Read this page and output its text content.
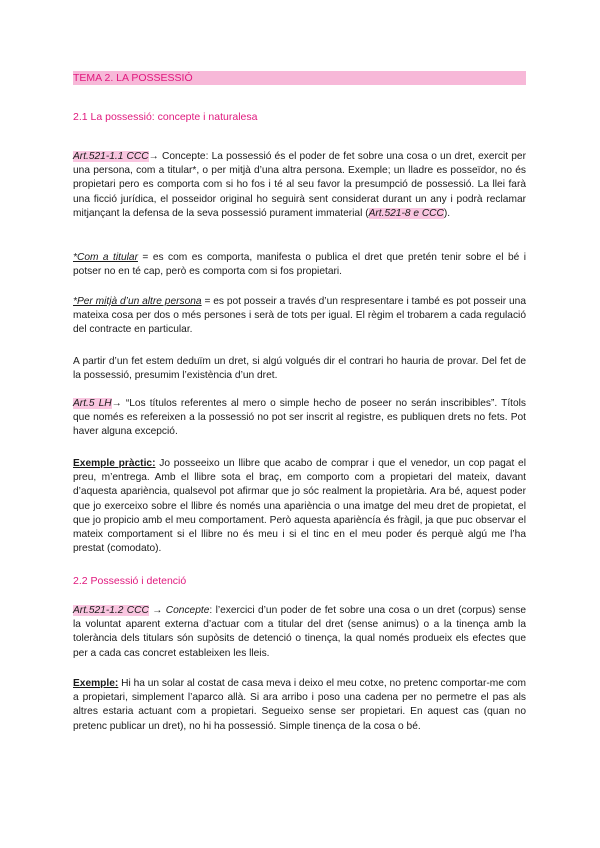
TEMA 2. LA POSSESSIÓ
2.1 La possessió: concepte i naturalesa

Art.521-1.1 CCC→ Concepte: La possessió és el poder de fet sobre una cosa o un dret, exercit per una persona, com a titular*, o per mitjà d’una altra persona. Exemple; un lladre es posseïdor, no és propietari pero es comporta com si ho fos i té al seu favor la presumpció de possessió. La llei farà una ficció jurídica, el posseidor original ho seguirà sent considerat durant un any i podrà reclamar mitjançant la defensa de la seva possessió purament immaterial (Art.521-8 e CCC).

*Com a titular = es com es comporta, manifesta o publica el dret que pretén tenir sobre el bé i potser no en té cap, però es comporta com si fos propietari.

*Per mitjà d’un altre persona = es pot posseir a través d’un respresentare i també es pot posseir una mateixa cosa per dos o més persones i serà de tots per igual. El règim el trobarem a cada regulació del contracte en particular.

A partir d’un fet estem deduïm un dret, si algú volgués dir el contrari ho hauria de provar. Del fet de la possessió, presumim l’existència d’un dret.

Art.5 LH→ “Los títulos referentes al mero o simple hecho de poseer no serán inscribibles”. Títols que només es refereixen a la possessió no pot ser inscrit al registre, es publiquen drets no fets. Pot haver alguna excepció.

Exemple pràctic: Jo posseeixo un llibre que acabo de comprar i que el venedor, un cop pagat el preu, m’entrega. Amb el llibre sota el braç, em comporto com a propietari del mateix, davant d’aquesta apariència, qualsevol pot afirmar que jo sóc realment la propietària. Ara bé, aquest poder que jo exerceixo sobre el llibre és només una apariència o una imatge del meu dret de propietat, el que jo propicio amb el meu comportament. Però aquesta aparièncía és fràgil, ja que puc observar el mateix comportament si el llibre no és meu i si el tinc en el meu poder és perquè algú me l’ha prestat (comodato).

2.2 Possessió i detenció

Art.521-1.2 CCC → Concepte: l’exercici d’un poder de fet sobre una cosa o un dret (corpus) sense la voluntat aparent externa d’actuar com a titular del dret (sense animus) o a la tinença amb la tolerància dels titulars són supòsits de detenció o tinença, la qual només produeix els efectes que per a cada cas concret estableixen les lleis.

Exemple: Hi ha un solar al costat de casa meva i deixo el meu cotxe, no pretenc comportar-me com a propietari, simplement l’aparco allà. Si ara arribo i poso una cadena per no permetre el pas als altres estaria actuant com a propietari. Segueixo sense ser propietari. En aquest cas (quan no pretenc publicar un dret), no hi ha possessió. Simple tinença de la cosa o bé.
